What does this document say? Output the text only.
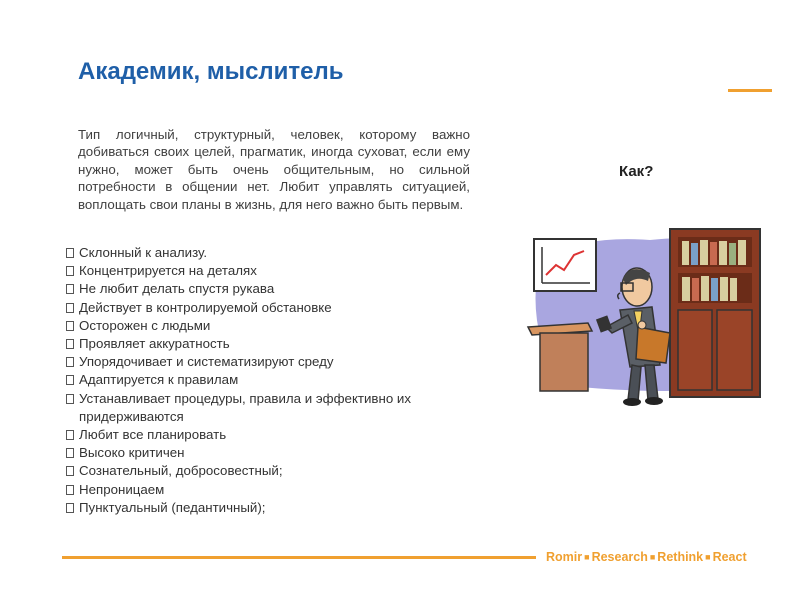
Академик, мыслитель

Тип логичный, структурный, человек, которому важно добиваться своих целей, прагматик, иногда суховат, если ему нужно, может быть очень общительным, но сильной потребности в общении нет. Любит управлять ситуацией, воплощать свои планы в жизнь, для него важно быть первым.

Склонный к анализу.
Концентрируется на деталях
Не любит делать спустя рукава
Действует в контролируемой обстановке
Осторожен с людьми
Проявляет аккуратность
Упорядочивает и систематизируют среду
Адаптируется к правилам
Устанавливает процедуры, правила и эффективно их придерживаются
Любит все планировать
Высоко критичен
Сознательный, добросовестный;
Непроницаем
Пунктуальный (педантичный);
Как?
Romir ■ Research ■ Rethink ■ React
